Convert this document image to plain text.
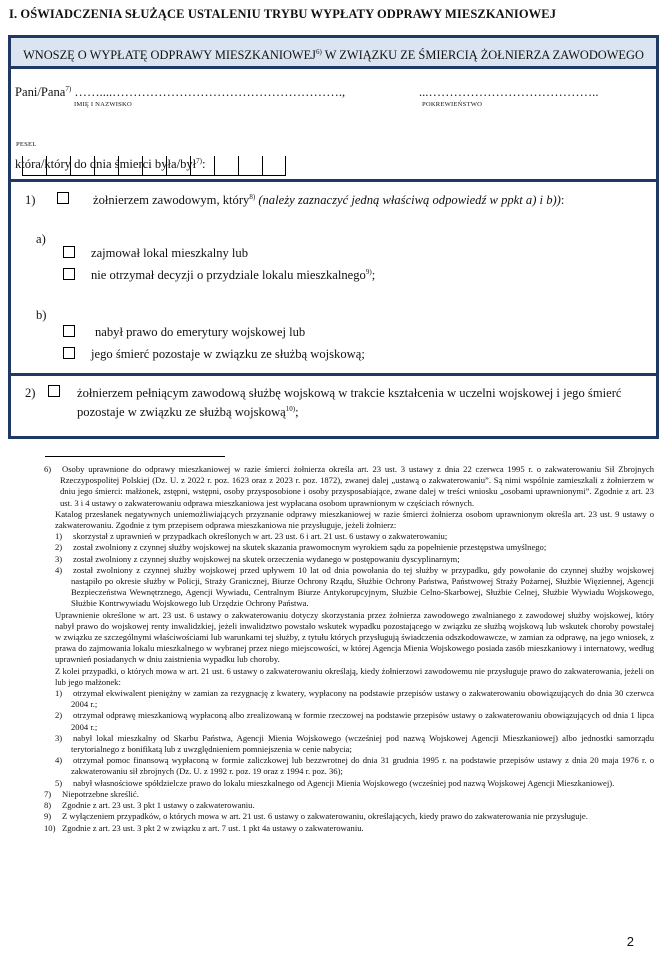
I. OŚWIADCZENIA SŁUŻĄCE USTALENIU TRYBU WYPŁATY ODPRAWY MIESZKANIOWEJ
WNOSZĘ O WYPŁATĘ ODPRAWY MIESZKANIOWEJ$^{6)}$ W ZWIĄZKU ZE ŚMIERCIĄ ŻOŁNIERZA ZAWODOWEGO
Pani/Pana$^{7)}$ ……....……………………………………………….,
IMIĘ I NAZWISKO
...…………………………………..
POKREWIEŃSTWO
PESEL
która/który do dnia śmierci była/był$^{7)}$:
1)	żołnierzem zawodowym, który$^{8)}$ (należy zaznaczyć jedną właściwą odpowiedź w ppkt a) i b)):
a)
zajmował lokal mieszkalny lub
nie otrzymał decyzji o przydziale lokalu mieszkalnego$^{9)}$;
b)
nabył prawo do emerytury wojskowej lub
jego śmierć pozostaje w związku ze służbą wojskową;
2)	żołnierzem pełniącym zawodową służbę wojskową w trakcie kształcenia w uczelni wojskowej i jego śmierć
pozostaje w związku ze służbą wojskową$^{10)}$;

6) Osoby uprawnione do odprawy mieszkaniowej w razie śmierci żołnierza określa art. 23 ust. 3 ustawy z dnia 22 czerwca 1995 r. o zakwaterowaniu Sił Zbrojnych Rzeczypospolitej Polskiej (Dz. U. z 2022 r. poz. 1623 oraz z 2023 r. poz. 1872), zwanej dalej „ustawą o zakwaterowaniu”. Są nimi wspólnie zamieszkali z żołnierzem w dniu jego śmierci: małżonek, zstępni, wstępni, osoby przysposobione i osoby przysposabiające, zwane dalej w treści wniosku „osobami uprawnionymi”. Zgodnie z art. 23 ust. 3 i 4 ustawy o zakwaterowaniu odprawa mieszkaniowa jest wypłacana osobom uprawnionym w częściach równych.

Katalog przesłanek negatywnych uniemożliwiających przyznanie odprawy mieszkaniowej w razie śmierci żołnierza osobom uprawnionym określa art. 23 ust. 9 ustawy o zakwaterowaniu. Zgodnie z tym przepisem odprawa mieszkaniowa nie przysługuje, jeżeli żołnierz:

1) skorzystał z uprawnień w przypadkach określonych w art. 23 ust. 6 i art. 21 ust. 6 ustawy o zakwaterowaniu;

2) został zwolniony z czynnej służby wojskowej na skutek skazania prawomocnym wyrokiem sądu za popełnienie przestępstwa umyślnego;

3) został zwolniony z czynnej służby wojskowej na skutek orzeczenia wydanego w postępowaniu dyscyplinarnym;

4) został zwolniony z czynnej służby wojskowej przed upływem 10 lat od dnia powołania do tej służby w przypadku, gdy powołanie do czynnej służby wojskowej nastąpiło po okresie służby w Policji, Straży Granicznej, Biurze Ochrony Rządu, Służbie Ochrony Państwa, Państwowej Straży Pożarnej, Służbie Więziennej, Agencji Bezpieczeństwa Wewnętrznego, Agencji Wywiadu, Centralnym Biurze Antykorupcyjnym, Służbie Celno-Skarbowej, Służbie Celnej, Służbie Wywiadu Wojskowego, Służbie Kontrwywiadu Wojskowego lub Urzędzie Ochrony Państwa.

Uprawnienie określone w art. 23 ust. 6 ustawy o zakwaterowaniu dotyczy skorzystania przez żołnierza zawodowego zwalnianego z zawodowej służby wojskowej, który nabył prawo do wojskowej renty inwalidzkiej, jeżeli inwalidztwo powstało wskutek wypadku pozostającego w związku ze służbą wojskową lub wskutek choroby powstałej w związku ze szczególnymi właściwościami lub warunkami tej służby, z tytułu których przysługują świadczenia odszkodowawcze, w zamian za odprawę, na jego wniosek, z prawa do zajmowania lokalu mieszkalnego w wybranej przez niego miejscowości, w której Agencja Mienia Wojskowego posiada zasób mieszkaniowy i internatowy, według uprawnień posiadanych w dniu zaistnienia wypadku lub choroby.

Z kolei przypadki, o których mowa w art. 21 ust. 6 ustawy o zakwaterowaniu określają, kiedy żołnierzowi zawodowemu nie przysługuje prawo do zakwaterowania, jeżeli on lub jego małżonek:

1) otrzymał ekwiwalent pieniężny w zamian za rezygnację z kwatery, wypłacony na podstawie przepisów ustawy o zakwaterowaniu obowiązujących do dnia 30 czerwca 2004 r.;

2) otrzymał odprawę mieszkaniową wypłaconą albo zrealizowaną w formie rzeczowej na podstawie przepisów ustawy o zakwaterowaniu obowiązujących od dnia 1 lipca 2004 r.;

3) nabył lokal mieszkalny od Skarbu Państwa, Agencji Mienia Wojskowego (wcześniej pod nazwą Wojskowej Agencji Mieszkaniowej) albo jednostki samorządu terytorialnego z bonifikatą lub z uwzględnieniem pomniejszenia w cenie nabycia;

4) otrzymał pomoc finansową wypłaconą w formie zaliczkowej lub bezzwrotnej do dnia 31 grudnia 1995 r. na podstawie przepisów ustawy z dnia 20 maja 1976 r. o zakwaterowaniu sił zbrojnych (Dz. U. z 1992 r. poz. 19 oraz z 1994 r. poz. 36);

5) nabył własnościowe spółdzielcze prawo do lokalu mieszkalnego od Agencji Mienia Wojskowego (wcześniej pod nazwą Wojskowej Agencji Mieszkaniowej).

7) Niepotrzebne skreślić.

8) Zgodnie z art. 23 ust. 3 pkt 1 ustawy o zakwaterowaniu.

9) Z wyłączeniem przypadków, o których mowa w art. 21 ust. 6 ustawy o zakwaterowaniu, określających, kiedy prawo do zakwaterowania nie przysługuje.

10) Zgodnie z art. 23 ust. 3 pkt 2 w związku z art. 7 ust. 1 pkt 4a ustawy o zakwaterowaniu.

2
